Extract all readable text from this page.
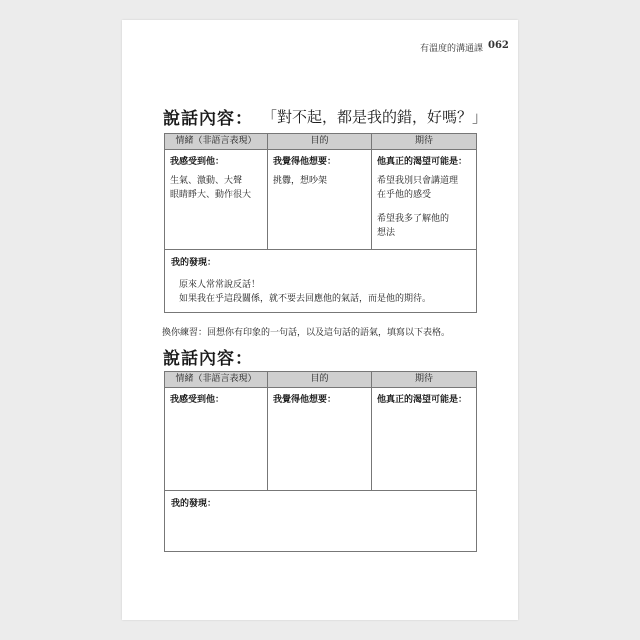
有溫度的溝通課 062
說話內容： 「對不起，都是我的錯，好嗎？」
情緒（非語言表現）	目的	期待
我感受到他：
生氣、激動、大聲
眼睛睜大、動作很大
我覺得他想要：
挑釁，想吵架
他真正的渴望可能是：
希望我別只會講道理
在乎他的感受
希望我多了解他的
想法
我的發現：
原來人常常說反話！
如果我在乎這段關係，就不要去回應他的氣話，而是他的期待。
換你練習：回想你有印象的一句話，以及這句話的語氣，填寫以下表格。
說話內容：
情緒（非語言表現）	目的	期待
我感受到他：	我覺得他想要：	他真正的渴望可能是：
我的發現：
